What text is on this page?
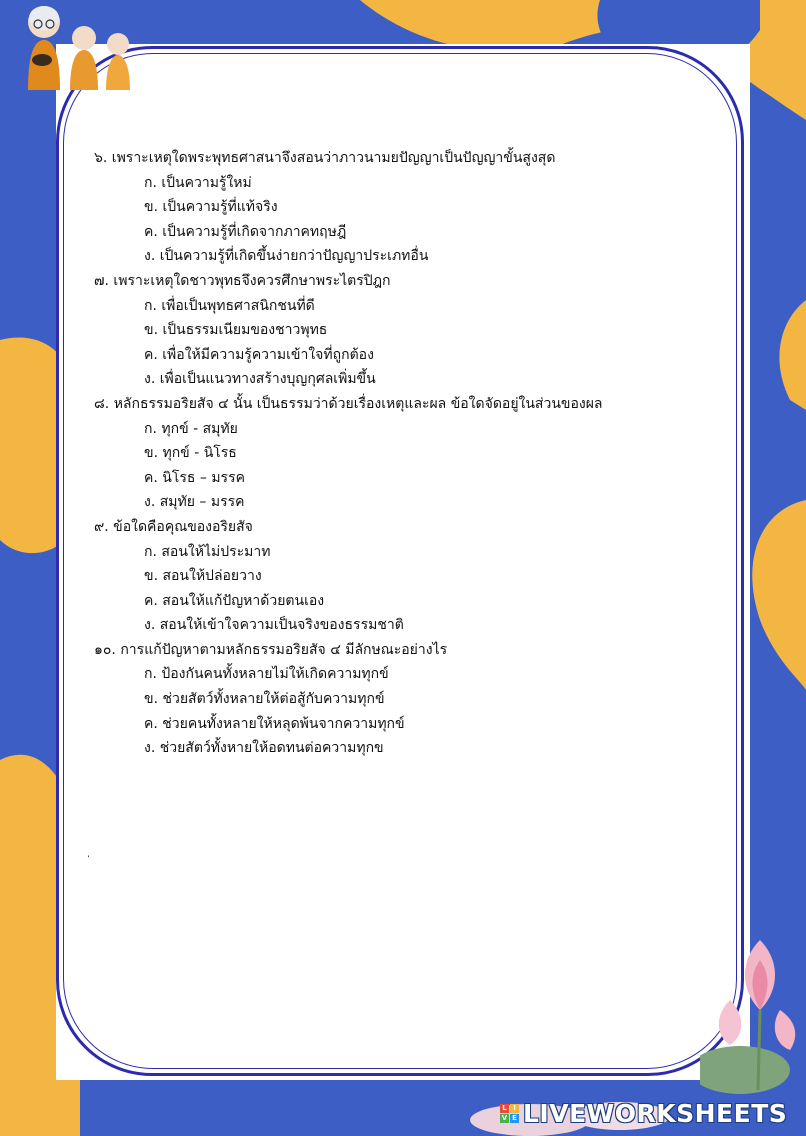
๖. เพราะเหตุใดพระพุทธศาสนาจึงสอนว่าภาวนามยปัญญาเป็นปัญญาขั้นสูงสุด

ก. เป็นความรู้ใหม่

ข. เป็นความรู้ที่แท้จริง

ค. เป็นความรู้ที่เกิดจากภาคทฤษฎี

ง. เป็นความรู้ที่เกิดขึ้นง่ายกว่าปัญญาประเภทอื่น

๗. เพราะเหตุใดชาวพุทธจึงควรศึกษาพระไตรปิฎก

ก. เพื่อเป็นพุทธศาสนิกชนที่ดี

ข. เป็นธรรมเนียมของชาวพุทธ

ค. เพื่อให้มีความรู้ความเข้าใจที่ถูกต้อง

ง. เพื่อเป็นแนวทางสร้างบุญกุศลเพิ่มขึ้น

๘. หลักธรรมอริยสัจ ๔ นั้น เป็นธรรมว่าด้วยเรื่องเหตุและผล ข้อใดจัดอยู่ในส่วนของผล

ก. ทุกข์ - สมุทัย

ข. ทุกข์ - นิโรธ

ค. นิโรธ – มรรค

ง. สมุทัย – มรรค

๙. ข้อใดคือคุณของอริยสัจ

ก. สอนให้ไม่ประมาท

ข. สอนให้ปล่อยวาง

ค. สอนให้แก้ปัญหาด้วยตนเอง

ง. สอนให้เข้าใจความเป็นจริงของธรรมชาติ

๑๐. การแก้ปัญหาตามหลักธรรมอริยสัจ ๔ มีลักษณะอย่างไร

ก. ป้องกันคนทั้งหลายไม่ให้เกิดความทุกข์

ข. ช่วยสัตว์ทั้งหลายให้ต่อสู้กับความทุกข์

ค. ช่วยคนทั้งหลายให้หลุดพ้นจากความทุกข์

ง. ช่วยสัตว์ทั้งหายให้อดทนต่อความทุกข

L I
V E LIVEWORKSHEETS
